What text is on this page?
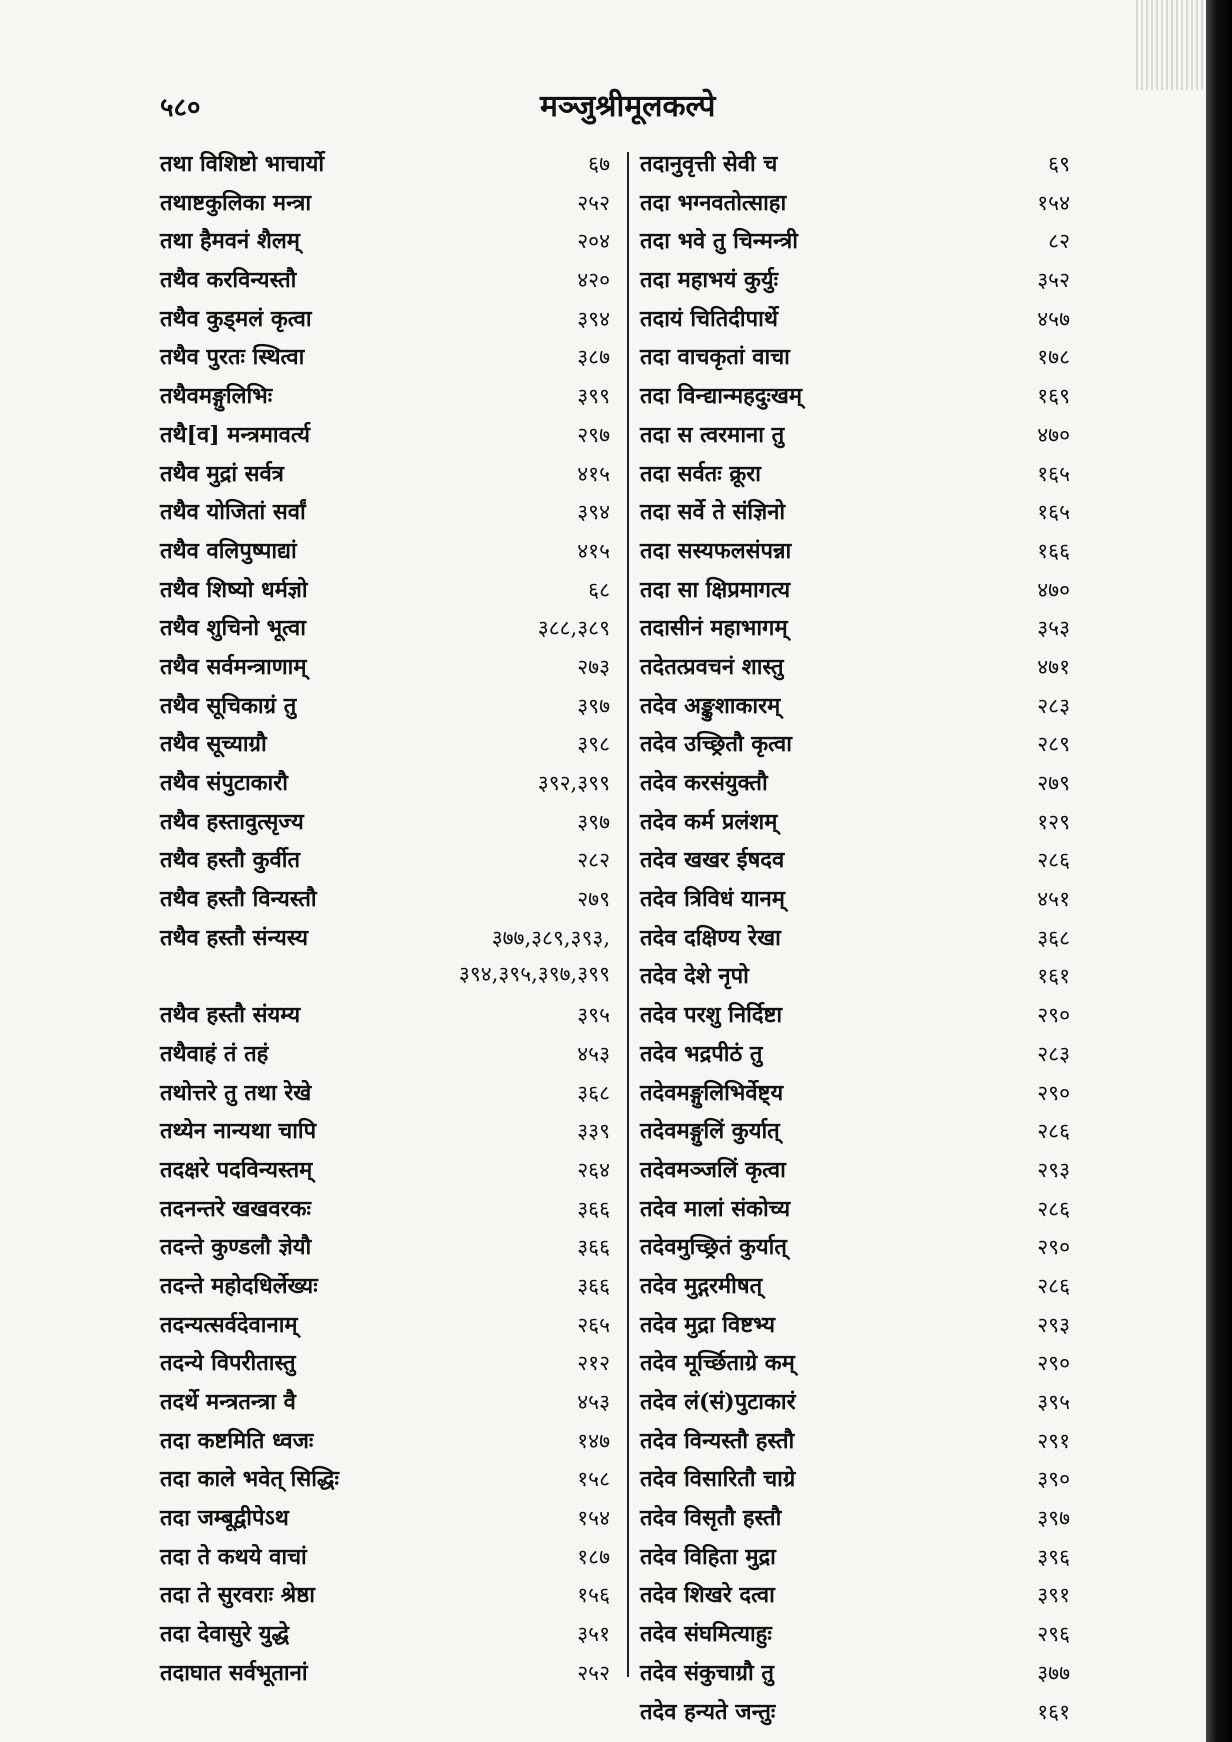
५८०	मञ्जुश्रीमूलकल्पे
तथा विशिष्टो भाचार्यो	६७
तथाष्टकुलिका मन्त्रा	२५२
तथा हैमवनं शैलम्	२०४
तथैव करविन्यस्तौ	४२०
तथैव कुड्मलं कृत्वा	३९४
तथैव पुरतः स्थित्वा	३८७
तथैवमङ्गुलिभिः	३९९
तथै[व] मन्त्रमावर्त्य	२९७
तथैव मुद्रां सर्वत्र	४१५
तथैव योजितां सर्वां	३९४
तथैव वलिपुष्पाद्यां	४१५
तथैव शिष्यो धर्मज्ञो	६८
तथैव शुचिनो भूत्वा	३८८,३८९
तथैव सर्वमन्त्राणाम्	२७३
तथैव सूचिकाग्रं तु	३९७
तथैव सूच्याग्रौ	३९८
तथैव संपुटाकारौ	३९२,३९९
तथैव हस्तावुत्सृज्य	३९७
तथैव हस्तौ कुर्वीत	२८२
तथैव हस्तौ विन्यस्तौ	२७९
तथैव हस्तौ संन्यस्य	३७७,३८९,३९३,
३९४,३९५,३९७,३९९
तथैव हस्तौ संयम्य	३९५
तथैवाहं तं तहं	४५३
तथोत्तरे तु तथा रेखे	३६८
तथ्येन नान्यथा चापि	३३९
तदक्षरे पदविन्यस्तम्	२६४
तदनन्तरे खखवरकः	३६६
तदन्ते कुण्डलौ ज्ञेयौ	३६६
तदन्ते महोदधिर्लेख्यः	३६६
तदन्यत्सर्वदेवानाम्	२६५
तदन्ये विपरीतास्तु	२१२
तदर्थे मन्त्रतन्त्रा वै	४५३
तदा कष्टमिति ध्वजः	१४७
तदा काले भवेत् सिद्धिः	१५८
तदा जम्बूद्वीपेऽथ	१५४
तदा ते कथये वाचां	१८७
तदा ते सुरवराः श्रेष्ठा	१५६
तदा देवासुरे युद्धे	३५१
तदाघात सर्वभूतानां	२५२
तदानुवृत्ती सेवी च	६९
तदा भग्नवतोत्साहा	१५४
तदा भवे तु चिन्मन्त्री	८२
तदा महाभयं कुर्युः	३५२
तदायं चितिदीपार्थे	४५७
तदा वाचकृतां वाचा	१७८
तदा विन्द्यान्महदुःखम्	१६९
तदा स त्वरमाना तु	४७०
तदा सर्वतः क्रूरा	१६५
तदा सर्वे ते संज्ञिनो	१६५
तदा सस्यफलसंपन्ना	१६६
तदा सा क्षिप्रमागत्य	४७०
तदासीनं महाभागम्	३५३
तदेतत्प्रवचनं शास्तु	४७१
तदेव अङ्कुशाकारम्	२८३
तदेव उच्छ्रितौ कृत्वा	२८९
तदेव करसंयुक्तौ	२७९
तदेव कर्म प्रलंशम्	१२९
तदेव खखर ईषदव	२८६
तदेव त्रिविधं यानम्	४५१
तदेव दक्षिण्य रेखा	३६८
तदेव देशे नृपो	१६१
तदेव परशु निर्दिष्टा	२९०
तदेव भद्रपीठं तु	२८३
तदेवमङ्गुलिभिर्वेष्ट्य	२९०
तदेवमङ्गुलिं कुर्यात्	२८६
तदेवमञ्जलिं कृत्वा	२९३
तदेव मालां संकोच्य	२८६
तदेवमुच्छ्रितं कुर्यात्	२९०
तदेव मुद्गरमीषत्	२८६
तदेव मुद्रा विष्टभ्य	२९३
तदेव मूर्च्छिताग्रे कम्	२९०
तदेव लं(सं)पुटाकारं	३९५
तदेव विन्यस्तौ हस्तौ	२९१
तदेव विसारितौ चाग्रे	३९०
तदेव विसृतौ हस्तौ	३९७
तदेव विहिता मुद्रा	३९६
तदेव शिखरे दत्वा	३९१
तदेव संघमित्याहुः	२९६
तदेव संकुचाग्रौ तु	३७७
तदेव हन्यते जन्तुः	१६१
